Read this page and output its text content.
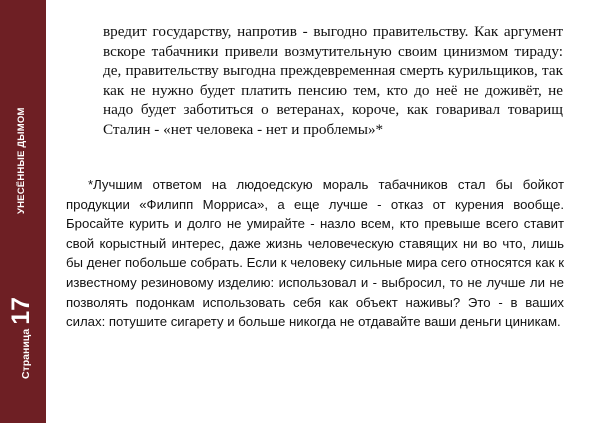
УНЕСЁННЫЕ ДЫМОМ
Страница
17
вредит государству, напротив - выгодно правительству. Как аргумент вскоре табачники привели возмутительную своим цинизмом тираду: де, правительству выгодна преждевременная смерть курильщиков, так как не нужно будет платить пенсию тем, кто до неё не доживёт, не надо будет заботиться о ветеранах, короче, как говаривал товарищ Сталин - «нет человека - нет и проблемы»*

*Лучшим ответом на людоедскую мораль табачников стал бы бойкот продукции «Филипп Морриса», а еще лучше - отказ от курения вообще. Бросайте курить и долго не умирайте - назло всем, кто превыше всего ставит свой корыстный интерес, даже жизнь человеческую ставящих ни во что, лишь бы денег побольше собрать. Если к человеку сильные мира сего относятся как к известному резиновому изделию: использовал и - выбросил, то не лучше ли не позволять подонкам использовать себя как объект наживы? Это - в ваших силах: потушите сигарету и больше никогда не отдавайте ваши деньги циникам.
